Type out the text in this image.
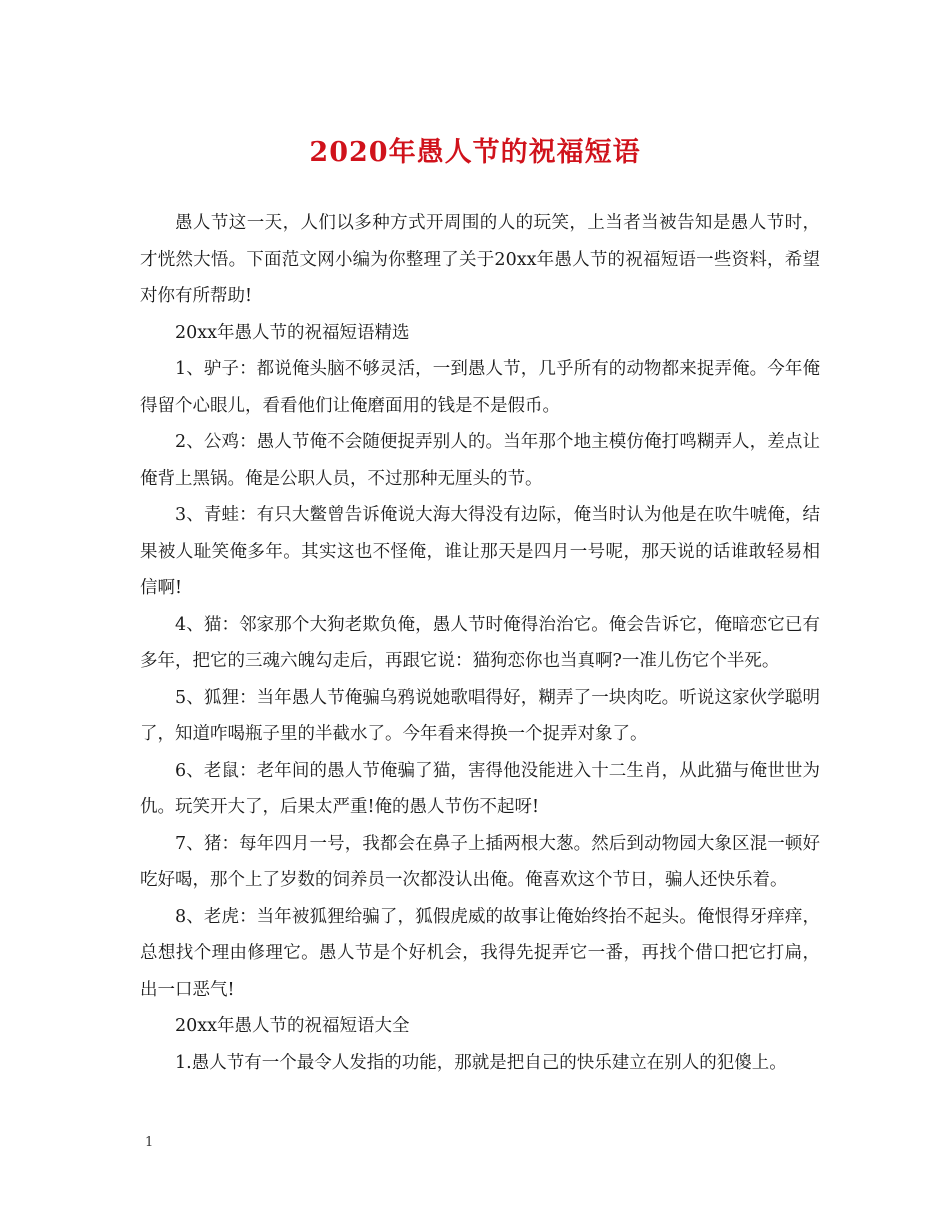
2020年愚人节的祝福短语

愚人节这一天，人们以多种方式开周围的人的玩笑，上当者当被告知是愚人节时，才恍然大悟。下面范文网小编为你整理了关于20xx年愚人节的祝福短语一些资料，希望对你有所帮助!

20xx年愚人节的祝福短语精选

1、驴子：都说俺头脑不够灵活，一到愚人节，几乎所有的动物都来捉弄俺。今年俺得留个心眼儿，看看他们让俺磨面用的钱是不是假币。

2、公鸡：愚人节俺不会随便捉弄别人的。当年那个地主模仿俺打鸣糊弄人，差点让俺背上黑锅。俺是公职人员，不过那种无厘头的节。

3、青蛙：有只大鳖曾告诉俺说大海大得没有边际，俺当时认为他是在吹牛唬俺，结果被人耻笑俺多年。其实这也不怪俺，谁让那天是四月一号呢，那天说的话谁敢轻易相信啊!

4、猫：邻家那个大狗老欺负俺，愚人节时俺得治治它。俺会告诉它，俺暗恋它已有多年，把它的三魂六魄勾走后，再跟它说：猫狗恋你也当真啊?一准儿伤它个半死。

5、狐狸：当年愚人节俺骗乌鸦说她歌唱得好，糊弄了一块肉吃。听说这家伙学聪明了，知道咋喝瓶子里的半截水了。今年看来得换一个捉弄对象了。

6、老鼠：老年间的愚人节俺骗了猫，害得他没能进入十二生肖，从此猫与俺世世为仇。玩笑开大了，后果太严重!俺的愚人节伤不起呀!

7、猪：每年四月一号，我都会在鼻子上插两根大葱。然后到动物园大象区混一顿好吃好喝，那个上了岁数的饲养员一次都没认出俺。俺喜欢这个节日，骗人还快乐着。

8、老虎：当年被狐狸给骗了，狐假虎威的故事让俺始终抬不起头。俺恨得牙痒痒，总想找个理由修理它。愚人节是个好机会，我得先捉弄它一番，再找个借口把它打扁，出一口恶气!

20xx年愚人节的祝福短语大全

1.愚人节有一个最令人发指的功能，那就是把自己的快乐建立在别人的犯傻上。

1
